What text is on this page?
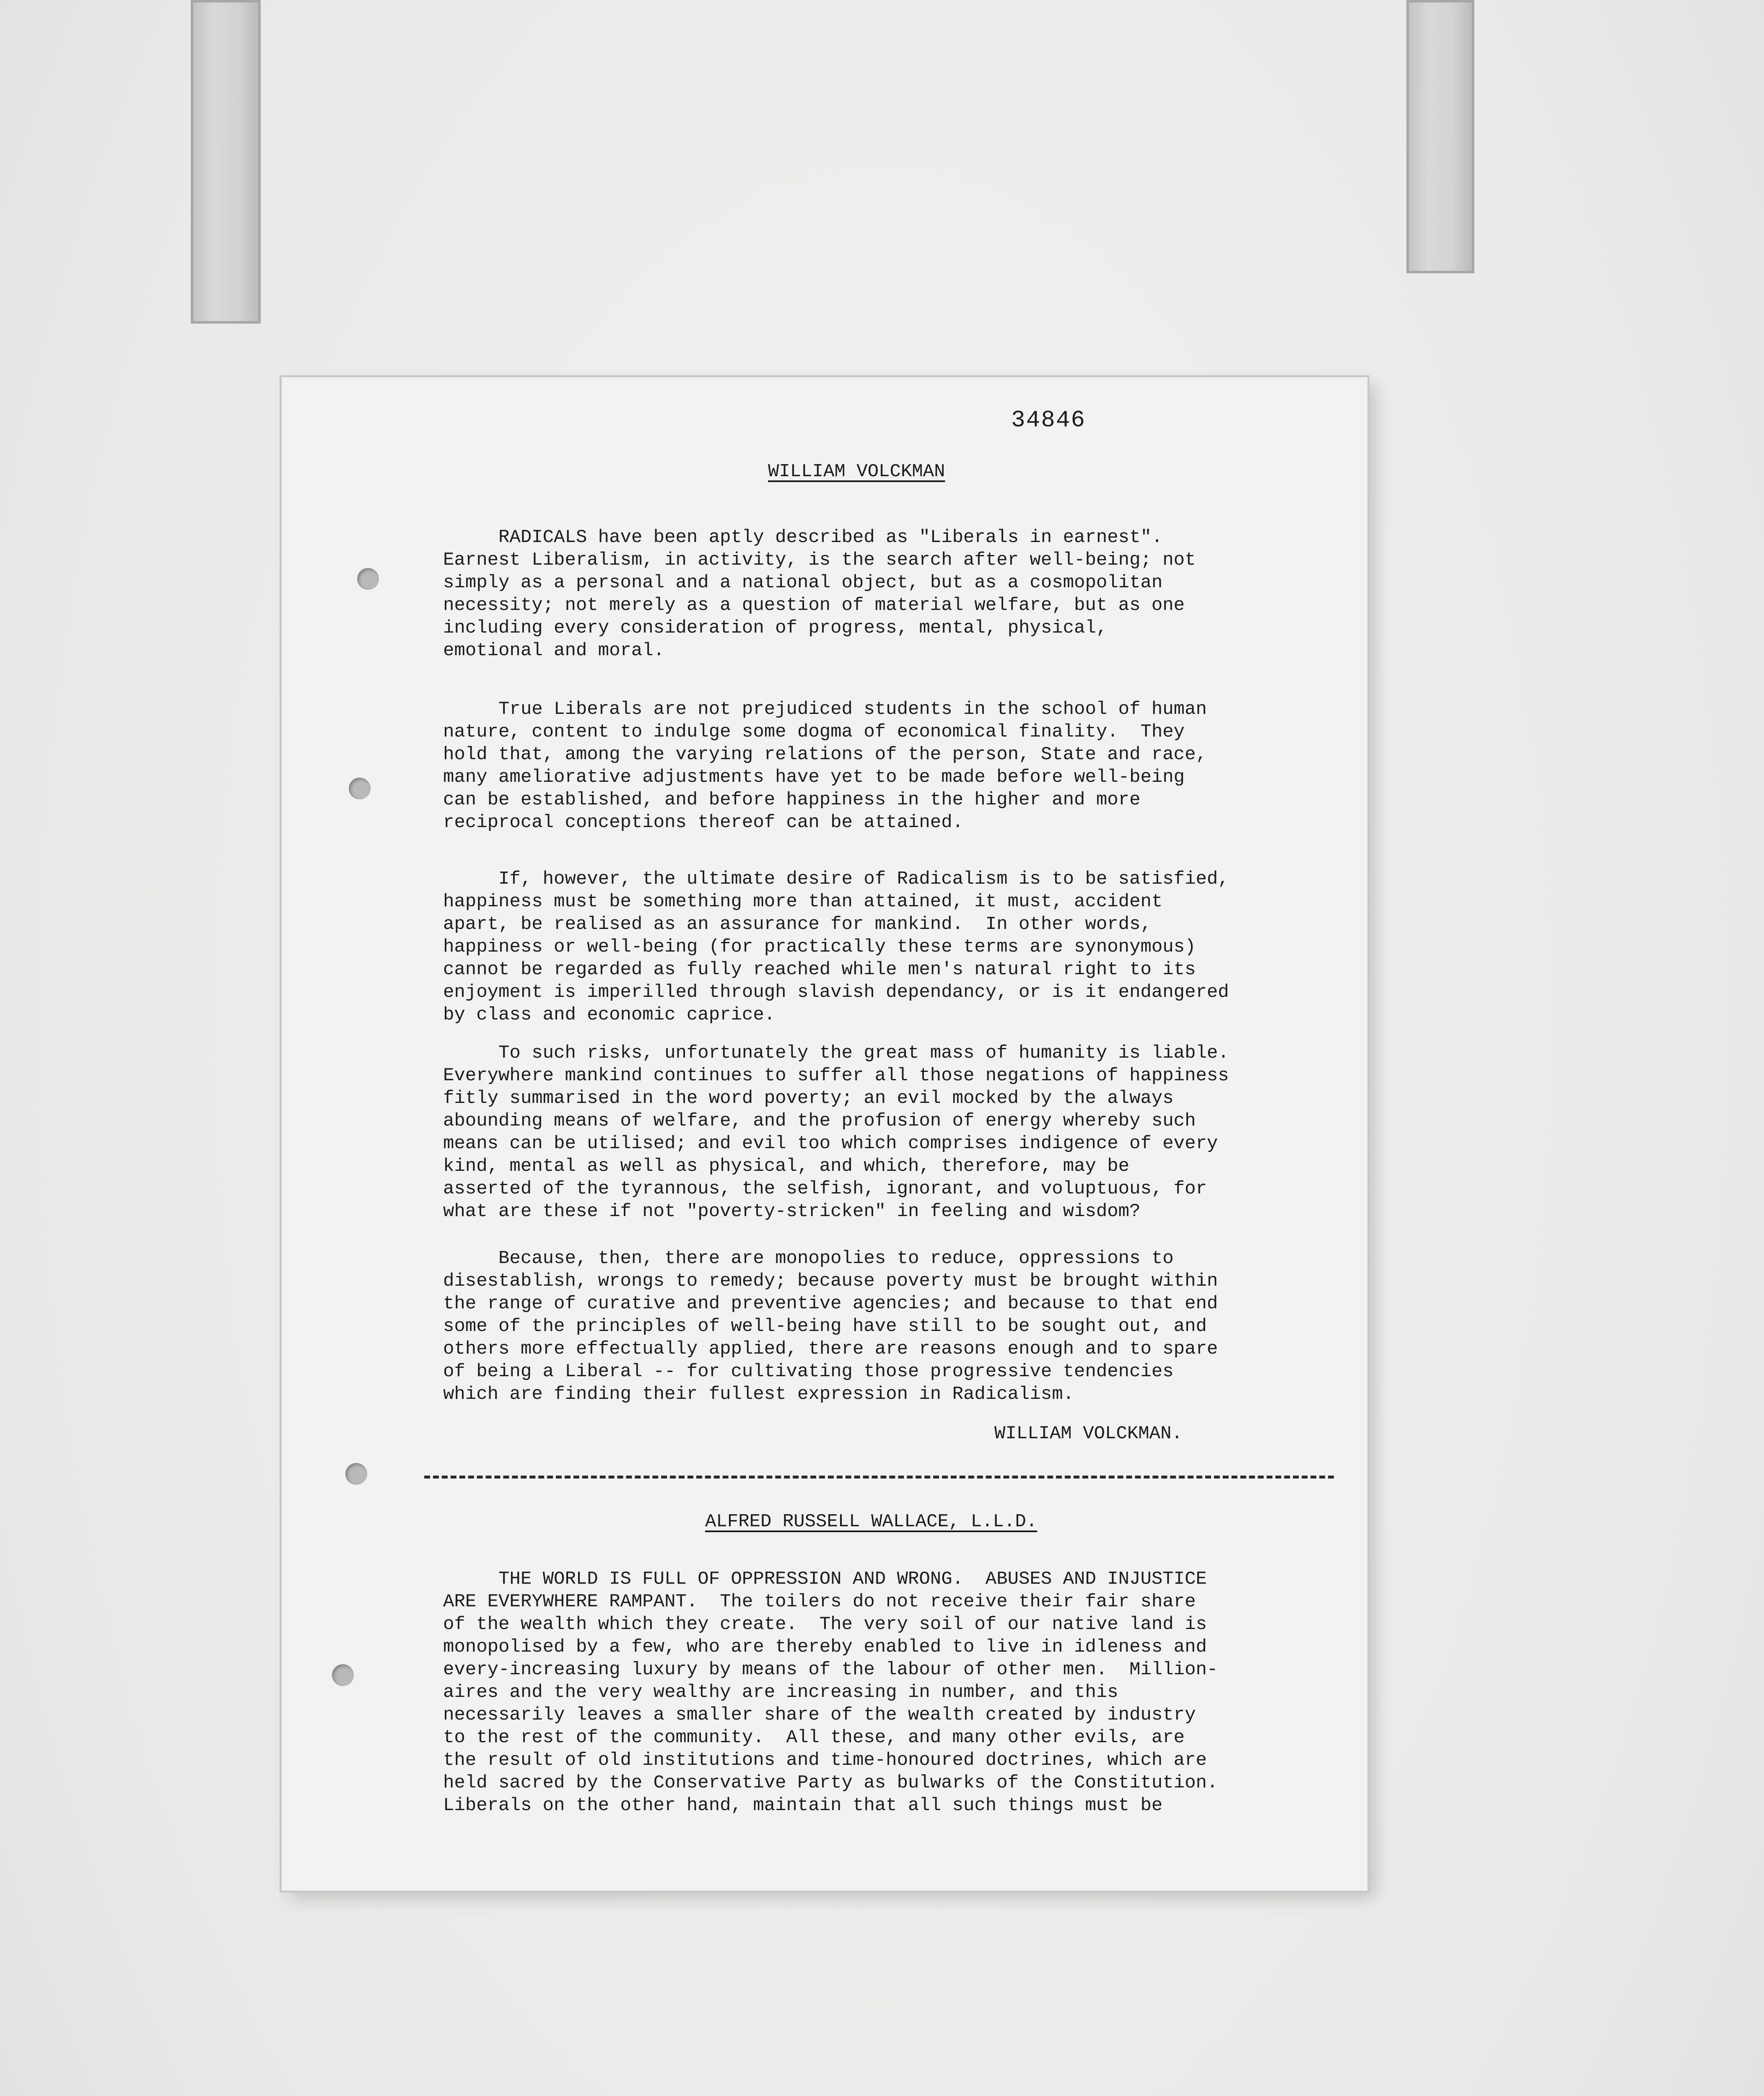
34846
WILLIAM VOLCKMAN

RADICALS have been aptly described as "Liberals in earnest".
Earnest Liberalism, in activity, is the search after well-being; not
simply as a personal and a national object, but as a cosmopolitan
necessity; not merely as a question of material welfare, but as one
including every consideration of progress, mental, physical,
emotional and moral.

True Liberals are not prejudiced students in the school of human
nature, content to indulge some dogma of economical finality.  They
hold that, among the varying relations of the person, State and race,
many ameliorative adjustments have yet to be made before well-being
can be established, and before happiness in the higher and more
reciprocal conceptions thereof can be attained.

If, however, the ultimate desire of Radicalism is to be satisfied,
happiness must be something more than attained, it must, accident
apart, be realised as an assurance for mankind.  In other words,
happiness or well-being (for practically these terms are synonymous)
cannot be regarded as fully reached while men's natural right to its
enjoyment is imperilled through slavish dependancy, or is it endangered
by class and economic caprice.

To such risks, unfortunately the great mass of humanity is liable.
Everywhere mankind continues to suffer all those negations of happiness
fitly summarised in the word poverty; an evil mocked by the always
abounding means of welfare, and the profusion of energy whereby such
means can be utilised; and evil too which comprises indigence of every
kind, mental as well as physical, and which, therefore, may be
asserted of the tyrannous, the selfish, ignorant, and voluptuous, for
what are these if not "poverty-stricken" in feeling and wisdom?

Because, then, there are monopolies to reduce, oppressions to
disestablish, wrongs to remedy; because poverty must be brought within
the range of curative and preventive agencies; and because to that end
some of the principles of well-being have still to be sought out, and
others more effectually applied, there are reasons enough and to spare
of being a Liberal -- for cultivating those progressive tendencies
which are finding their fullest expression in Radicalism.

WILLIAM VOLCKMAN.
ALFRED RUSSELL WALLACE, L.L.D.

THE WORLD IS FULL OF OPPRESSION AND WRONG.  ABUSES AND INJUSTICE
ARE EVERYWHERE RAMPANT.  The toilers do not receive their fair share
of the wealth which they create.  The very soil of our native land is
monopolised by a few, who are thereby enabled to live in idleness and
every-increasing luxury by means of the labour of other men.  Million-
aires and the very wealthy are increasing in number, and this
necessarily leaves a smaller share of the wealth created by industry
to the rest of the community.  All these, and many other evils, are
the result of old institutions and time-honoured doctrines, which are
held sacred by the Conservative Party as bulwarks of the Constitution.
Liberals on the other hand, maintain that all such things must be
